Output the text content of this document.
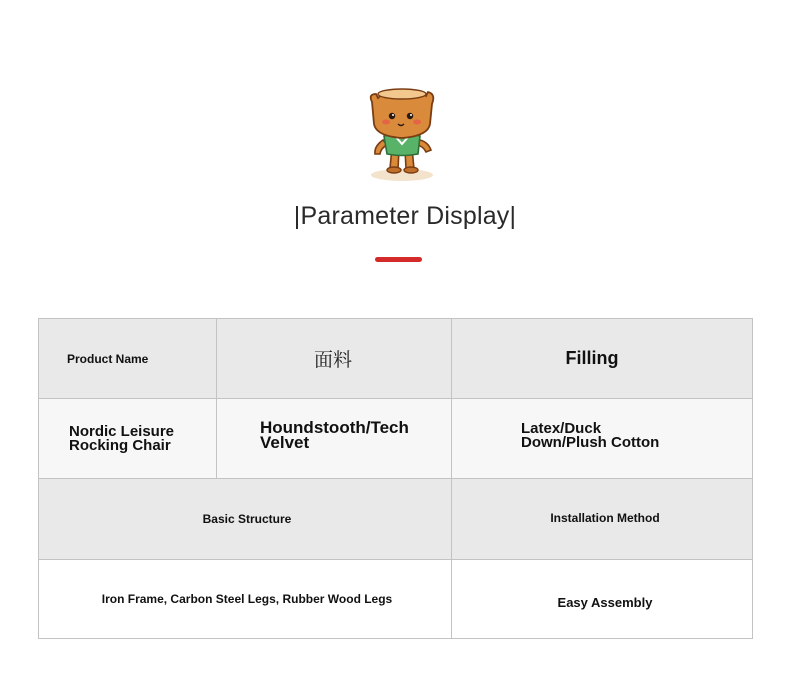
|Parameter Display|
Product Name	面料	Filling

Nordic Leisure Rocking Chair	Houndstooth/Tech Velvet	Latex/Duck Down/Plush Cotton

Basic Structure		Installation Method

Iron Frame, Carbon Steel Legs, Rubber Wood Legs		Easy Assembly
